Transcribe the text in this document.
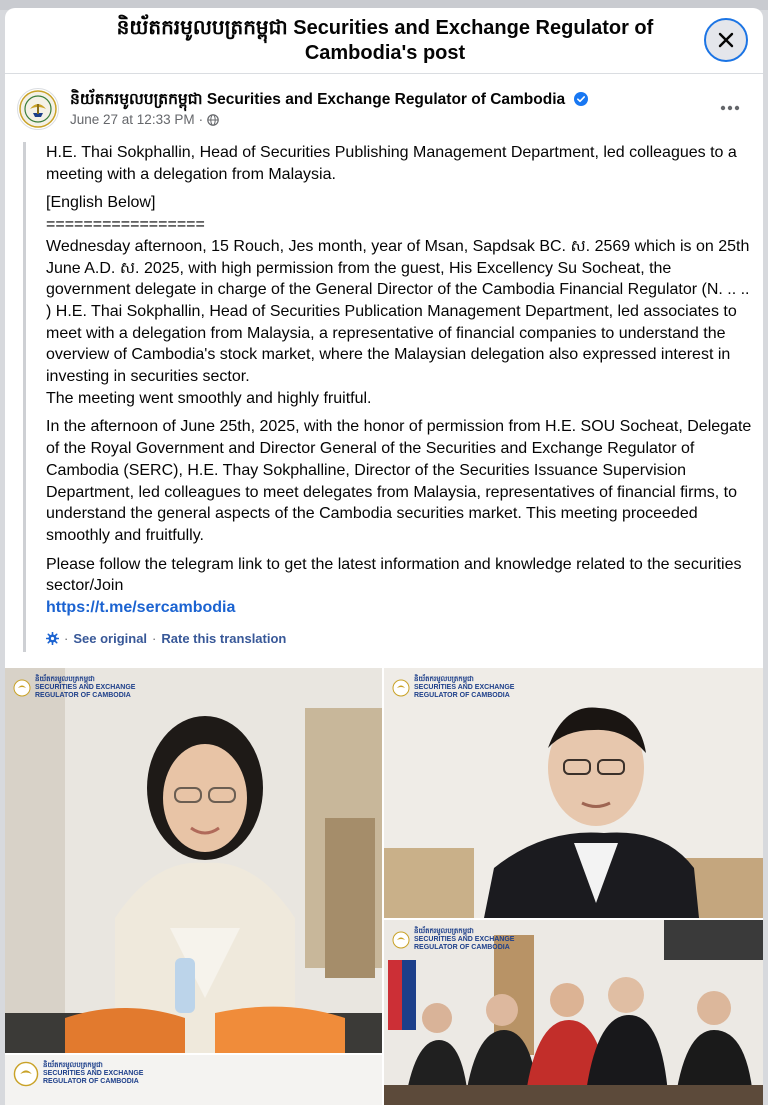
និយ័តករមូលបត្រកម្ពុជា Securities and Exchange Regulator of Cambodia's post
និយ័តករមូលបត្រកម្ពុជា Securities and Exchange Regulator of Cambodia
June 27 at 12:33 PM ·

H.E. Thai Sokphallin, Head of Securities Publishing Management Department, led colleagues to a meeting with a delegation from Malaysia.

[English Below]
=================
Wednesday afternoon, 15 Rouch, Jes month, year of Msan, Sapdsak BC. ស. 2569 which is on 25th June A.D. ស. 2025, with high permission from the guest, His Excellency Su Socheat, the government delegate in charge of the General Director of the Cambodia Financial Regulator (N. .. .. ) H.E. Thai Sokphallin, Head of Securities Publication Management Department, led associates to meet with a delegation from Malaysia, a representative of financial companies to understand the overview of Cambodia's stock market, where the Malaysian delegation also expressed interest in investing in securities sector.
The meeting went smoothly and highly fruitful.

In the afternoon of June 25th, 2025, with the honor of permission from H.E. SOU Socheat, Delegate of the Royal Government and Director General of the Securities and Exchange Regulator of Cambodia (SERC), H.E. Thay Sokphalline, Director of the Securities Issuance Supervision Department, led colleagues to meet delegates from Malaysia, representatives of financial firms, to understand the general aspects of the Cambodia securities market. This meeting proceeded smoothly and fruitfully.

Please follow the telegram link to get the latest information and knowledge related to the securities sector/Join

https://t.me/sercambodia
· See original · Rate this translation
និយ័តករមូលបត្រកម្ពុជា
SECURITIES AND EXCHANGE
REGULATOR OF CAMBODIA
និយ័តករមូលបត្រកម្ពុជា
SECURITIES AND EXCHANGE
REGULATOR OF CAMBODIA
និយ័តករមូលបត្រកម្ពុជា
SECURITIES AND EXCHANGE
REGULATOR OF CAMBODIA
និយ័តករមូលបត្រកម្ពុជា
SECURITIES AND EXCHANGE
REGULATOR OF CAMBODIA
